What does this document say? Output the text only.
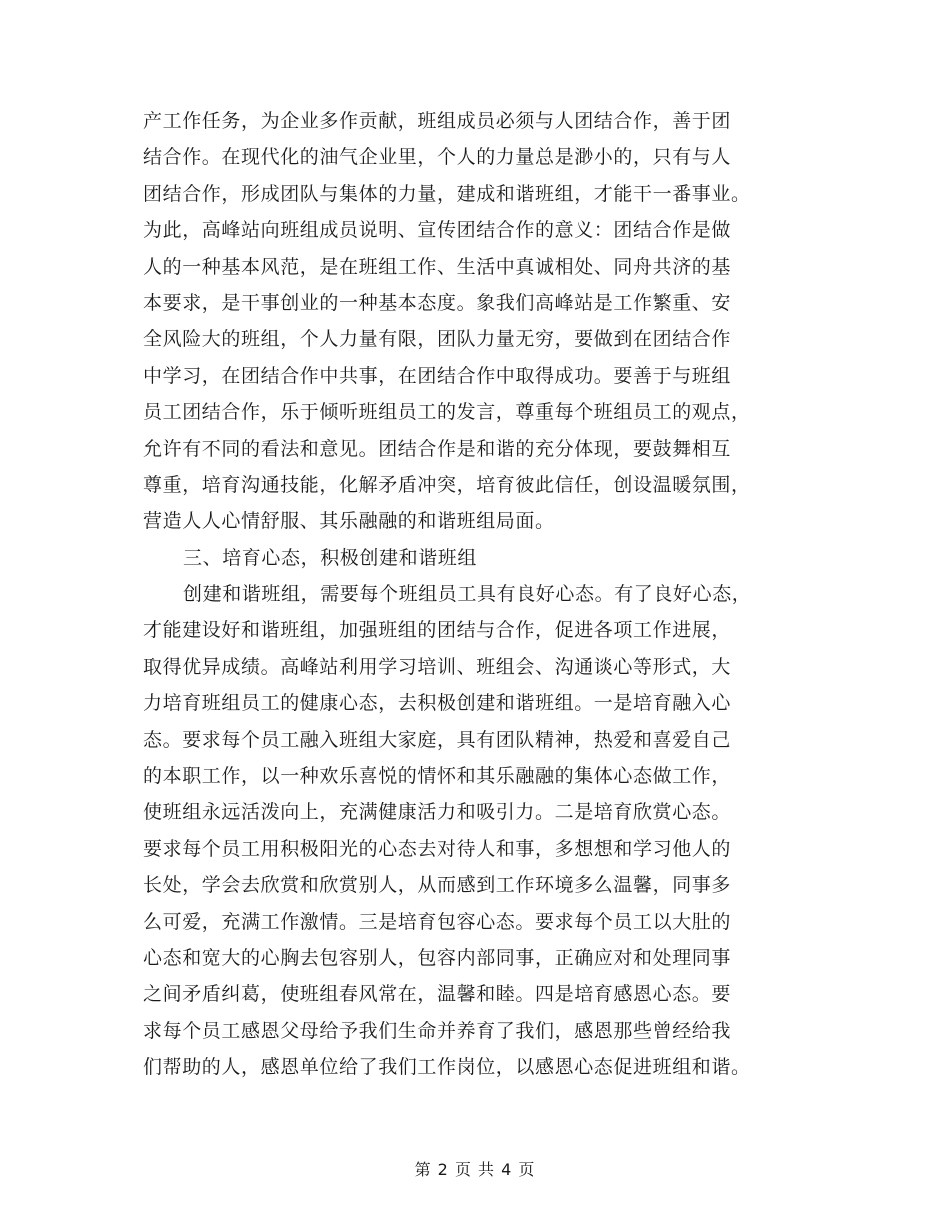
产工作任务，为企业多作贡献，班组成员必须与人团结合作，善于团
结合作。在现代化的油气企业里，个人的力量总是渺小的，只有与人
团结合作，形成团队与集体的力量，建成和谐班组，才能干一番事业。
为此，高峰站向班组成员说明、宣传团结合作的意义：团结合作是做
人的一种基本风范，是在班组工作、生活中真诚相处、同舟共济的基
本要求，是干事创业的一种基本态度。象我们高峰站是工作繁重、安
全风险大的班组，个人力量有限，团队力量无穷，要做到在团结合作
中学习，在团结合作中共事，在团结合作中取得成功。要善于与班组
员工团结合作，乐于倾听班组员工的发言，尊重每个班组员工的观点，
允许有不同的看法和意见。团结合作是和谐的充分体现，要鼓舞相互
尊重，培育沟通技能，化解矛盾冲突，培育彼此信任，创设温暖氛围，
营造人人心情舒服、其乐融融的和谐班组局面。
三、培育心态，积极创建和谐班组
创建和谐班组，需要每个班组员工具有良好心态。有了良好心态，
才能建设好和谐班组，加强班组的团结与合作，促进各项工作进展，
取得优异成绩。高峰站利用学习培训、班组会、沟通谈心等形式，大
力培育班组员工的健康心态，去积极创建和谐班组。一是培育融入心
态。要求每个员工融入班组大家庭，具有团队精神，热爱和喜爱自己
的本职工作，以一种欢乐喜悦的情怀和其乐融融的集体心态做工作，
使班组永远活泼向上，充满健康活力和吸引力。二是培育欣赏心态。
要求每个员工用积极阳光的心态去对待人和事，多想想和学习他人的
长处，学会去欣赏和欣赏别人，从而感到工作环境多么温馨，同事多
么可爱，充满工作激情。三是培育包容心态。要求每个员工以大肚的
心态和宽大的心胸去包容别人，包容内部同事，正确应对和处理同事
之间矛盾纠葛，使班组春风常在，温馨和睦。四是培育感恩心态。要
求每个员工感恩父母给予我们生命并养育了我们，感恩那些曾经给我
们帮助的人，感恩单位给了我们工作岗位，以感恩心态促进班组和谐。
第 2 页 共 4 页
